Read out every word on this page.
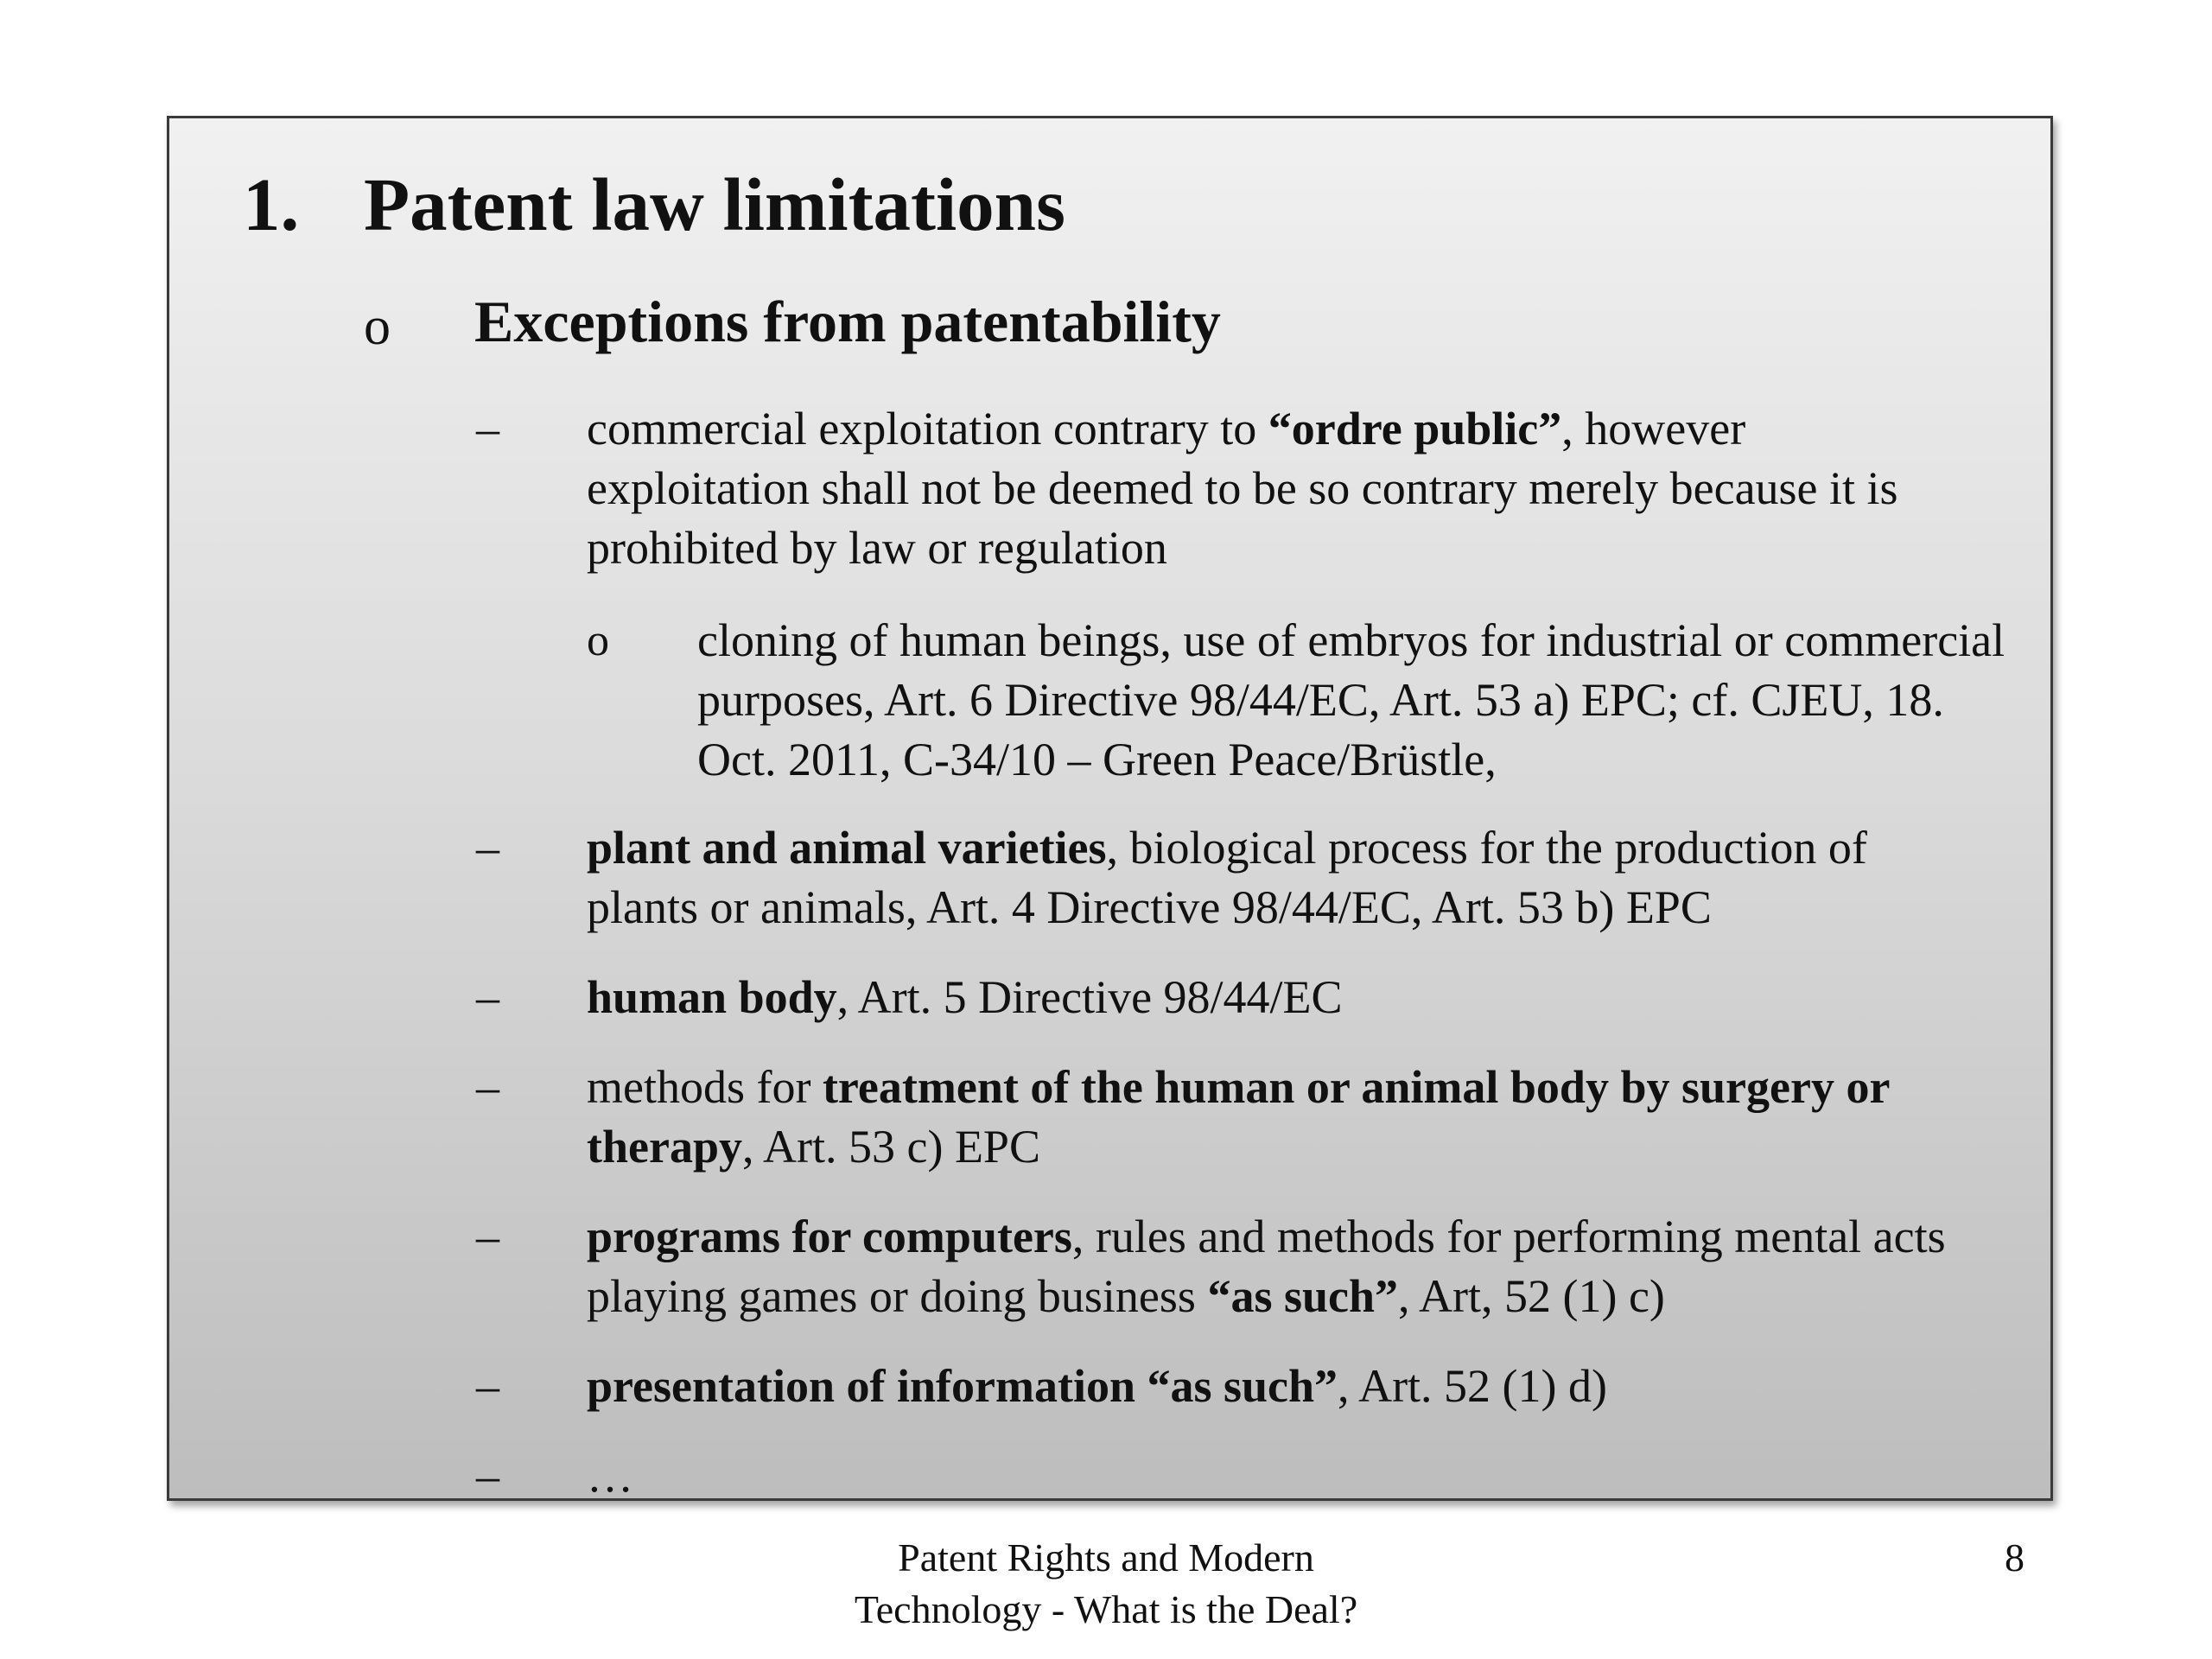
1. Patent law limitations
o Exceptions from patentability
– commercial exploitation contrary to “ordre public”, however exploitation shall not be deemed to be so contrary merely because it is prohibited by law or regulation
o cloning of human beings, use of embryos for industrial or commercial purposes, Art. 6 Directive 98/44/EC, Art. 53 a) EPC; cf. CJEU, 18. Oct. 2011, C-34/10 – Green Peace/Brüstle,
– plant and animal varieties, biological process for the production of plants or animals, Art. 4 Directive 98/44/EC, Art. 53 b) EPC
– human body, Art. 5 Directive 98/44/EC
– methods for treatment of the human or animal body by surgery or therapy, Art. 53 c) EPC
– programs for computers, rules and methods for performing mental acts playing games or doing business “as such”, Art, 52 (1) c)
– presentation of information “as such”, Art. 52 (1) d)
– …
Patent Rights and Modern
Technology - What is the Deal?
8
